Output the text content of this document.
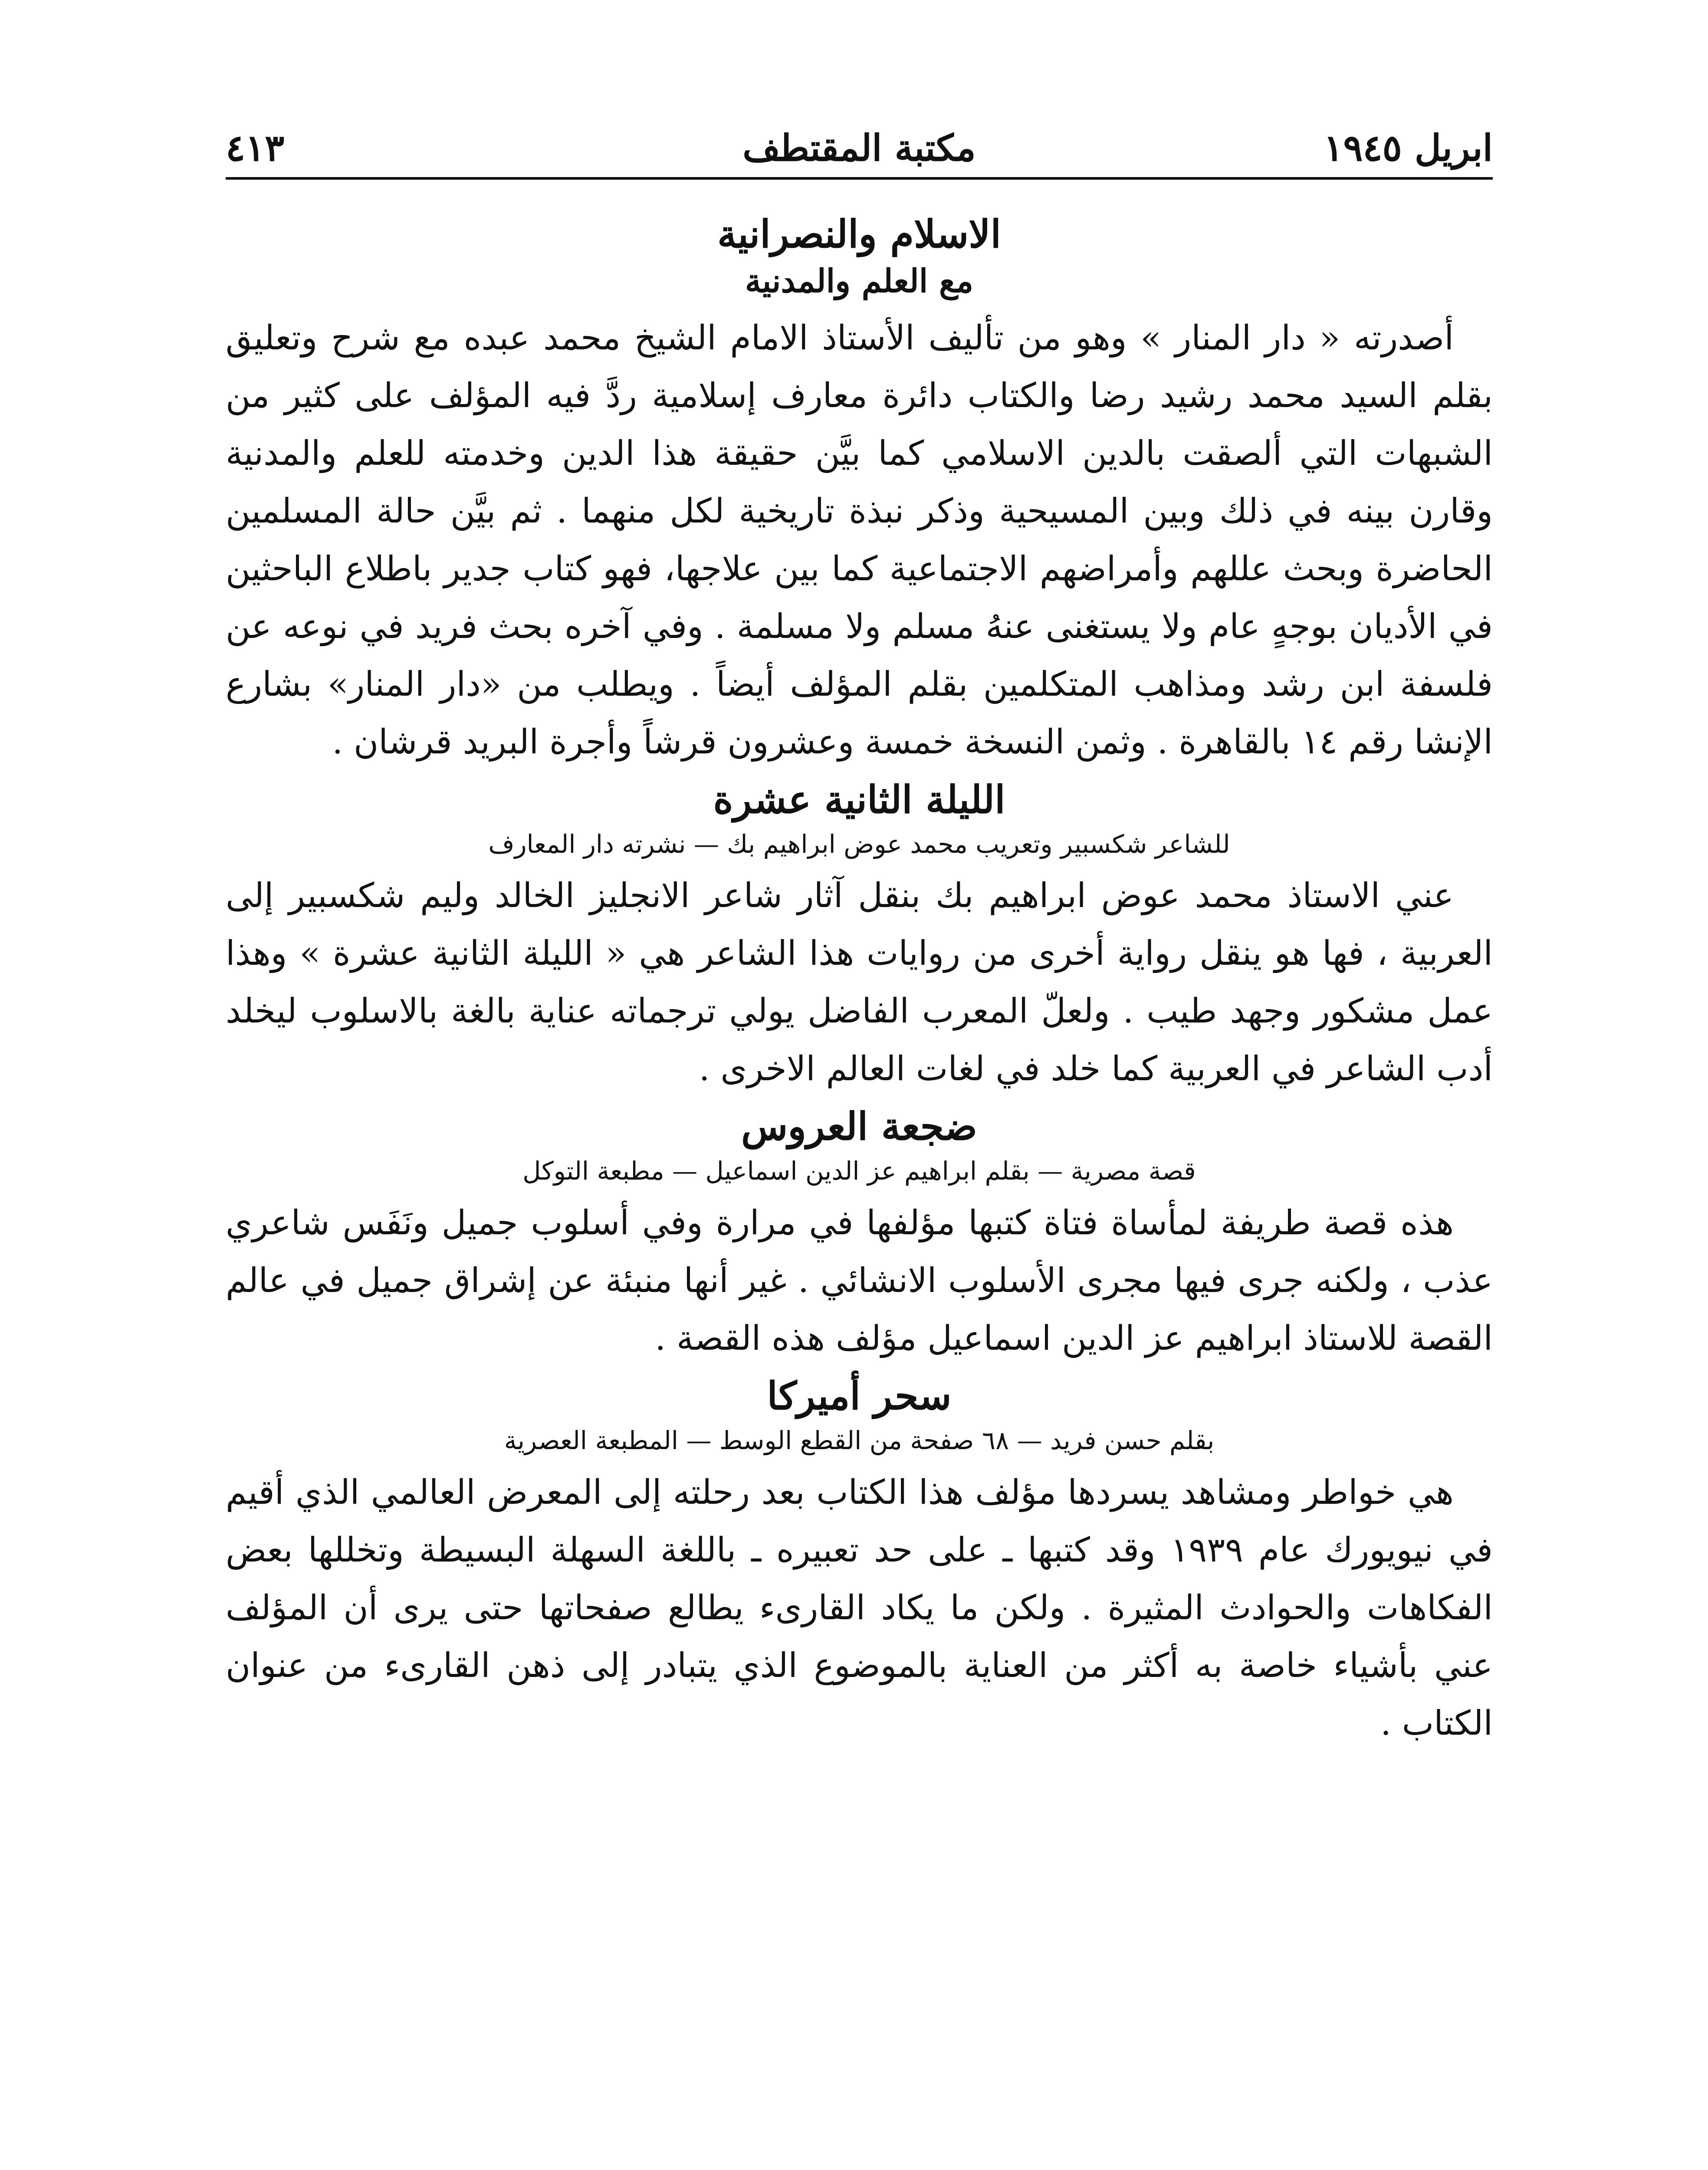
ابريل ١٩٤٥
مكتبة المقتطف
٤١٣
الاسلام والنصرانية
مع العلم والمدنية

أصدرته « دار المنار » وهو من تأليف الأستاذ الامام الشيخ محمد عبده مع شرح وتعليق بقلم السيد محمد رشيد رضا والكتاب دائرة معارف إسلامية ردَّ فيه المؤلف على كثير من الشبهات التي ألصقت بالدين الاسلامي كما بيَّن حقيقة هذا الدين وخدمته للعلم والمدنية وقارن بينه في ذلك وبين المسيحية وذكر نبذة تاريخية لكل منهما . ثم بيَّن حالة المسلمين الحاضرة وبحث عللهم وأمراضهم الاجتماعية كما بين علاجها، فهو كتاب جدير باطلاع الباحثين في الأديان بوجهٍ عام ولا يستغنى عنهُ مسلم ولا مسلمة . وفي آخره بحث فريد في نوعه عن فلسفة ابن رشد ومذاهب المتكلمين بقلم المؤلف أيضاً . ويطلب من «دار المنار» بشارع الإنشا رقم ١٤ بالقاهرة . وثمن النسخة خمسة وعشرون قرشاً وأجرة البريد قرشان .

الليلة الثانية عشرة
للشاعر شكسبير وتعريب محمد عوض ابراهيم بك — نشرته دار المعارف

عني الاستاذ محمد عوض ابراهيم بك بنقل آثار شاعر الانجليز الخالد وليم شكسبير إلى العربية ، فها هو ينقل رواية أخرى من روايات هذا الشاعر هي « الليلة الثانية عشرة » وهذا عمل مشكور وجهد طيب . ولعلّ المعرب الفاضل يولي ترجماته عناية بالغة بالاسلوب ليخلد أدب الشاعر في العربية كما خلد في لغات العالم الاخرى .

ضجعة العروس
قصة مصرية — بقلم ابراهيم عز الدين اسماعيل — مطبعة التوكل

هذه قصة طريفة لمأساة فتاة كتبها مؤلفها في مرارة وفي أسلوب جميل ونَفَس شاعري عذب ، ولكنه جرى فيها مجرى الأسلوب الانشائي . غير أنها منبئة عن إشراق جميل في عالم القصة للاستاذ ابراهيم عز الدين اسماعيل مؤلف هذه القصة .

سحر أميركا
بقلم حسن فريد — ٦٨ صفحة من القطع الوسط — المطبعة العصرية

هي خواطر ومشاهد يسردها مؤلف هذا الكتاب بعد رحلته إلى المعرض العالمي الذي أقيم في نيويورك عام ١٩٣٩ وقد كتبها ـ على حد تعبيره ـ باللغة السهلة البسيطة وتخللها بعض الفكاهات والحوادث المثيرة . ولكن ما يكاد القارىء يطالع صفحاتها حتى يرى أن المؤلف عني بأشياء خاصة به أكثر من العناية بالموضوع الذي يتبادر إلى ذهن القارىء من عنوان الكتاب .
